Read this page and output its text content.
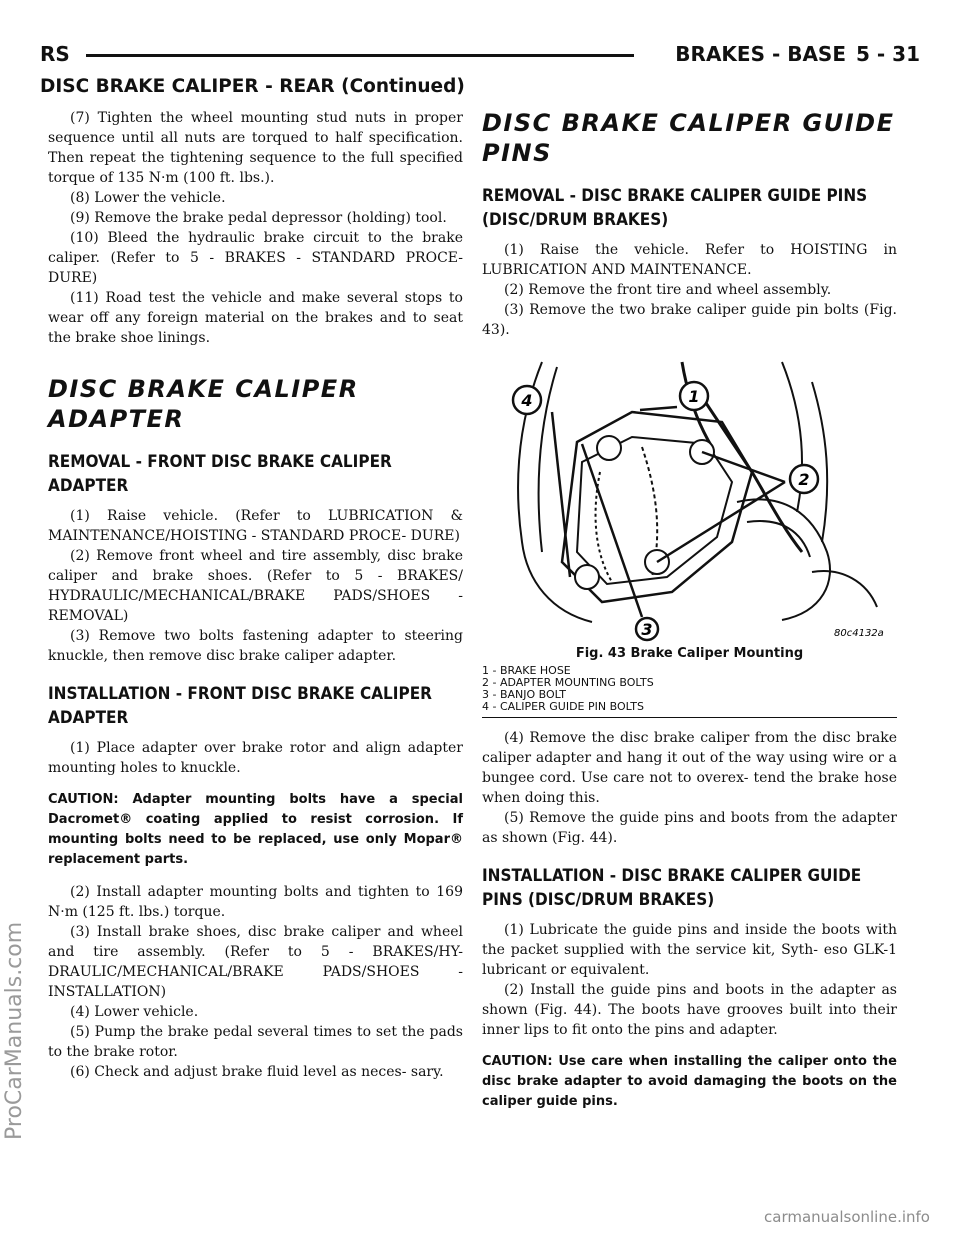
RS	BRAKES - BASE 5 - 31
DISC BRAKE CALIPER - REAR (Continued)

(7) Tighten the wheel mounting stud nuts in proper sequence until all nuts are torqued to half specification. Then repeat the tightening sequence to the full specified torque of 135 N·m (100 ft. lbs.).

(8) Lower the vehicle.

(9) Remove the brake pedal depressor (holding) tool.

(10) Bleed the hydraulic brake circuit to the brake caliper. (Refer to 5 - BRAKES - STANDARD PROCE- DURE)

(11) Road test the vehicle and make several stops to wear off any foreign material on the brakes and to seat the brake shoe linings.

DISC BRAKE CALIPER ADAPTER
REMOVAL - FRONT DISC BRAKE CALIPER ADAPTER

(1) Raise vehicle. (Refer to LUBRICATION & MAINTENANCE/HOISTING - STANDARD PROCE- DURE)

(2) Remove front wheel and tire assembly, disc brake caliper and brake shoes. (Refer to 5 - BRAKES/ HYDRAULIC/MECHANICAL/BRAKE PADS/SHOES - REMOVAL)

(3) Remove two bolts fastening adapter to steering knuckle, then remove disc brake caliper adapter.

INSTALLATION - FRONT DISC BRAKE CALIPER ADAPTER

(1) Place adapter over brake rotor and align adapter mounting holes to knuckle.

CAUTION: Adapter mounting bolts have a special Dacromet® coating applied to resist corrosion. If mounting bolts need to be replaced, use only Mopar® replacement parts.

(2) Install adapter mounting bolts and tighten to 169 N·m (125 ft. lbs.) torque.

(3) Install brake shoes, disc brake caliper and wheel and tire assembly. (Refer to 5 - BRAKES/HY- DRAULIC/MECHANICAL/BRAKE PADS/SHOES - INSTALLATION)

(4) Lower vehicle.

(5) Pump the brake pedal several times to set the pads to the brake rotor.

(6) Check and adjust brake fluid level as neces- sary.

DISC BRAKE CALIPER GUIDE PINS
REMOVAL - DISC BRAKE CALIPER GUIDE PINS (DISC/DRUM BRAKES)

(1) Raise the vehicle. Refer to HOISTING in LUBRICATION AND MAINTENANCE.

(2) Remove the front tire and wheel assembly.

(3) Remove the two brake caliper guide pin bolts (Fig. 43).

4	1
2
3	80c4132a
Fig. 43 Brake Caliper Mounting
1 - BRAKE HOSE
2 - ADAPTER MOUNTING BOLTS
3 - BANJO BOLT
4 - CALIPER GUIDE PIN BOLTS

(4) Remove the disc brake caliper from the disc brake caliper adapter and hang it out of the way using wire or a bungee cord. Use care not to overex- tend the brake hose when doing this.

(5) Remove the guide pins and boots from the adapter as shown (Fig. 44).

INSTALLATION - DISC BRAKE CALIPER GUIDE PINS (DISC/DRUM BRAKES)

(1) Lubricate the guide pins and inside the boots with the packet supplied with the service kit, Syth- eso GLK-1 lubricant or equivalent.

(2) Install the guide pins and boots in the adapter as shown (Fig. 44). The boots have grooves built into their inner lips to fit onto the pins and adapter.

CAUTION: Use care when installing the caliper onto the disc brake adapter to avoid damaging the boots on the caliper guide pins.

ProCarManuals.com
carmanualsonline.info
